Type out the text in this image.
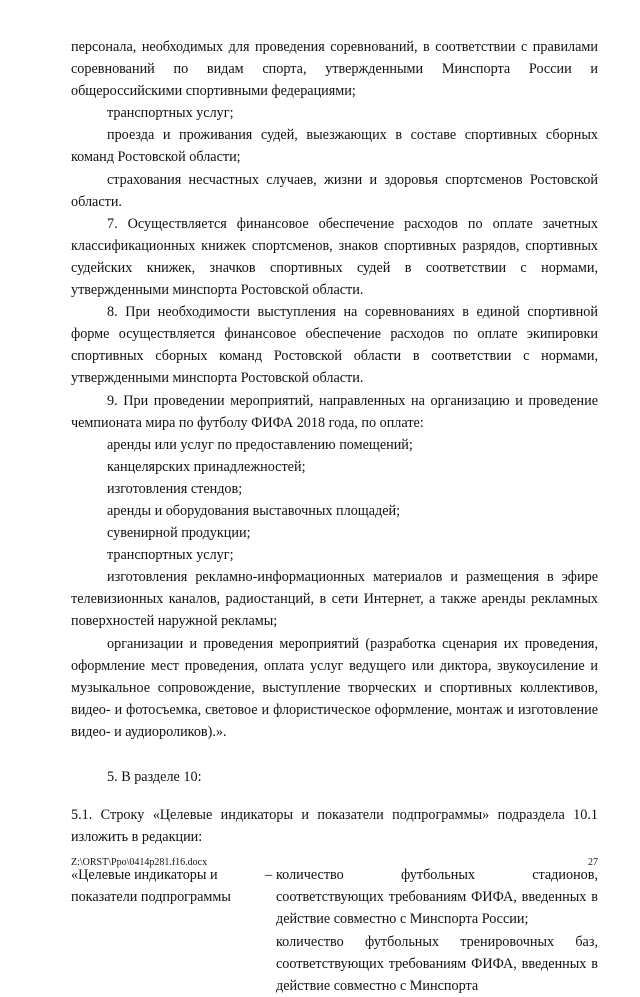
персонала, необходимых для проведения соревнований, в соответствии с правилами соревнований по видам спорта, утвержденными Минспорта России и общероссийскими спортивными федерациями;

транспортных услуг;

проезда и проживания судей, выезжающих в составе спортивных сборных команд Ростовской области;

страхования несчастных случаев, жизни и здоровья спортсменов Ростовской области.

7. Осуществляется финансовое обеспечение расходов по оплате зачетных классификационных книжек спортсменов, знаков спортивных разрядов, спортивных судейских книжек, значков спортивных судей в соответствии с нормами, утвержденными минспорта Ростовской области.

8. При необходимости выступления на соревнованиях в единой спортивной форме осуществляется финансовое обеспечение расходов по оплате экипировки спортивных сборных команд Ростовской области в соответствии с нормами, утвержденными минспорта Ростовской области.

9. При проведении мероприятий, направленных на организацию и проведение чемпионата мира по футболу ФИФА 2018 года, по оплате:

аренды или услуг по предоставлению помещений;

канцелярских принадлежностей;

изготовления стендов;

аренды и оборудования выставочных площадей;

сувенирной продукции;

транспортных услуг;

изготовления рекламно-информационных материалов и размещения в эфире телевизионных каналов, радиостанций, в сети Интернет, а также аренды рекламных поверхностей наружной рекламы;

организации и проведения мероприятий (разработка сценария их проведения, оформление мест проведения, оплата услуг ведущего или диктора, звукоусиление и музыкальное сопровождение, выступление творческих и спортивных коллективов, видео- и фотосъемка, световое и флористическое оформление, монтаж и изготовление видео- и аудиороликов).».

5. В разделе 10:

5.1. Строку «Целевые индикаторы и показатели подпрограммы» подраздела 10.1 изложить в редакции:

«Целевые индикаторы и показатели подпрограммы
– количество футбольных стадионов, соответствующих требованиям ФИФА, введенных в действие совместно с Минспорта России;

количество футбольных тренировочных баз, соответствующих требованиям ФИФА, введенных в действие совместно с Минспорта

Z:\ORST\Ppo\0414p281.f16.docx	27
